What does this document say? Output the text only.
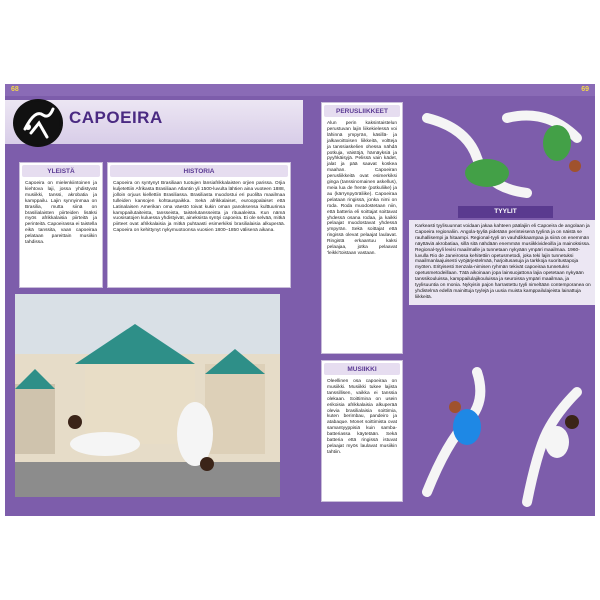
68
CAPOEIRA
YLEISTÄ
Capoeira on mielenkiintoinen ja kiehtova laji, jossa yhdistyvät musiikki, tanssi, akrobatia ja kamppailu. Lajin synnyinmaa on Brasilia, mutta siinä on brasilialaisten piirteiden lisäksi myös afrikkalaisia piirteitä ja perinteitä. Capoeirassa ei taistella eikä tanssita, vaan capoeiraa pelataan pareittain musiikin tahdissa.
HISTORIA
Capoeira on syntynyt Brasiliaan tuotujen länsiafrikkalaisten orjien parissa. Orjia kuljetettiin Afrikasta Brasiliaan Atlantin yli 1500-luvulta lähtien aina vuoteen 1888, jolloin orjuus kiellettiin Brasiliassa. Brasiliasta muodostui eri puolilta maailmaa tulleiden kansojen kohtauspaikka. Sekä afrikkalaiset, eurooppalaiset että Latinalaisen Amerikan oma väestö toivat kukin oman panoksensa kulttuurinsa kamppailutaiteista, tansseista, taistelutansseista ja rituaaleista. Kun nämä vuosisatojen kuluessa yhdistyivät, aineksista syntyi capoeira. Ei ole selvää, mitkä piirteet ovat afrikkalaisia ja mitkä puhtaasti esimerkiksi brasilialaisia alkuperää. Capoeira on kehittynyt nykymuotoonsa vuosien 1800–1850 välisenä aikana.
69
PERUSLIIKKEET
Alun perin kaksintaistelun perustuvan lajin liikekielessä voi lähinnä ympyrän, käsillä- ja jalkavoittoisen liikkeitä, voltteja ja tanssiaskelien ohessa nähdä potkuja, väistöjä, hämäyksiä ja pyyhkäisyjä. Pelissä vain kädet, jalat ja pää saavat koskea maahan. Capoeiran perusliikkeitä ovat esimerkiksi ginga (tanssinomainen askellus), meia lua de frente (potkuliike) ja au (kärrynpyöräliike). Capoeiraa pelataan ringissä, jonka nimi on roda. Roda muodostetaan niin, että batteria eli soittajat soittavat yhdessä osana rodaa, ja kaikki pelaajat muodostavat yhdessä ympyrän. Sekä soittajat että ringissä olevat pelaajat laulavat. Ringistä erkaantuu kaksi pelaajaa, jotka pelaavat 'leikki'toistaan vastaan.
TYYLIT
Karkeasti tyylisuunnat voidaan jakaa kahteen päälajiin eli Capoeira de angolaan ja Capoeira regionaliin. Angola-tyyliä pidetään perinteisenä tyylinä ja on näistä se rauhallisempi ja hitaampi. Regional-tyyli on vauhdikkaampaa ja siinä on enemmän näyttäviä akrobatiaa, sillä sitä nähdään enemmän musiikkivideoilla ja mainoksissa. Regional-tyyli levisi maailmalle ja tunnetaan nykyään ympäri maailmaa. 1960-luvulla Rio de Janeirossa kehitettiin opetusmetodi, joka teki lajin tunnetuksi maailmanlaajuisesti vyöjärjestelmää, harjoitusasuja ja tarkkoja suoritustapoja myöten. Erityisesti Senzala-nimisen ryhmän tekivät capoeiraa tunnetuksi opetusmetodeillaan. Tätä aikoinaan jopa lainsuojattona lajia opetetaan nykyään tanssikouluissa, kamppailulajikouluissa ja seuroissa ympäri maailmaa, ja tyylisuuntia on monia. Nykyisin pajon harrastettu tyyli nimeltään contemporanea on yhdistelmä edellä mainittuja tyylejä ja uusia muista kamppailulajeista lainattuja liikkeitä.
MUSIIKKI
Oleellinen osa capoeiraa on musiikki. Musiikki tukee lajista tanssillisen, vaikka ei tanssia olekaan. Soittimina on usein erikoisia afrikkalaisia alkuperää olevia brasilialaisia soittimia, kuten berimbau, pandeiro ja atabaque. Monet soittimista ovat samantyyppisiä kuin samba-batteriassa käytetään. Sekä batteria että ringissä istuvat pelaajat myös laulavat musiikin tahtiin.
